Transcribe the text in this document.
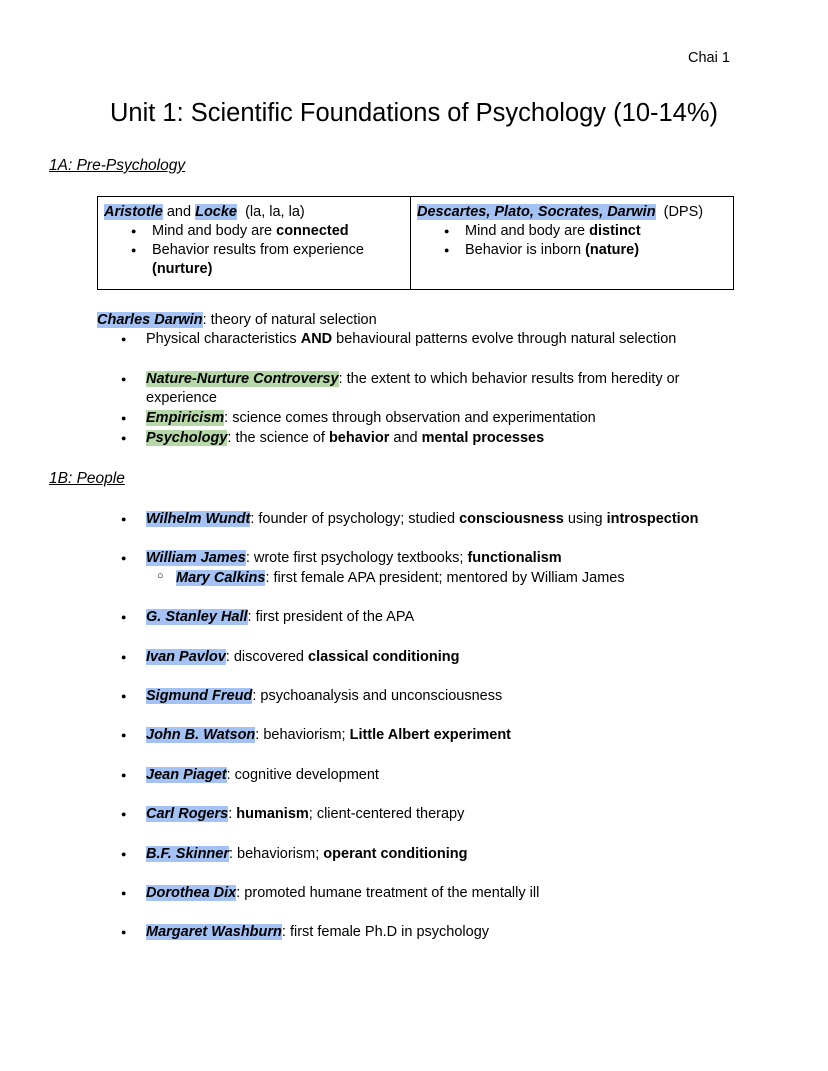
Chai 1
Unit 1: Scientific Foundations of Psychology (10-14%)
1A: Pre-Psychology
Aristotle and Locke (la, la, la)
● Mind and body are connected
● Behavior results from experience
(nurture)
Descartes, Plato, Socrates, Darwin (DPS)
● Mind and body are distinct
● Behavior is inborn (nature)
Charles Darwin: theory of natural selection
● Physical characteristics AND behavioural patterns evolve through natural selection
● Nature-Nurture Controversy: the extent to which behavior results from heredity or
experience
● Empiricism: science comes through observation and experimentation
● Psychology: the science of behavior and mental processes
1B: People
● Wilhelm Wundt: founder of psychology; studied consciousness using introspection
● William James: wrote first psychology textbooks; functionalism
○ Mary Calkins: first female APA president; mentored by William James
● G. Stanley Hall: first president of the APA
● Ivan Pavlov: discovered classical conditioning
● Sigmund Freud: psychoanalysis and unconsciousness
● John B. Watson: behaviorism; Little Albert experiment
● Jean Piaget: cognitive development
● Carl Rogers: humanism; client-centered therapy
● B.F. Skinner: behaviorism; operant conditioning
● Dorothea Dix: promoted humane treatment of the mentally ill
● Margaret Washburn: first female Ph.D in psychology
